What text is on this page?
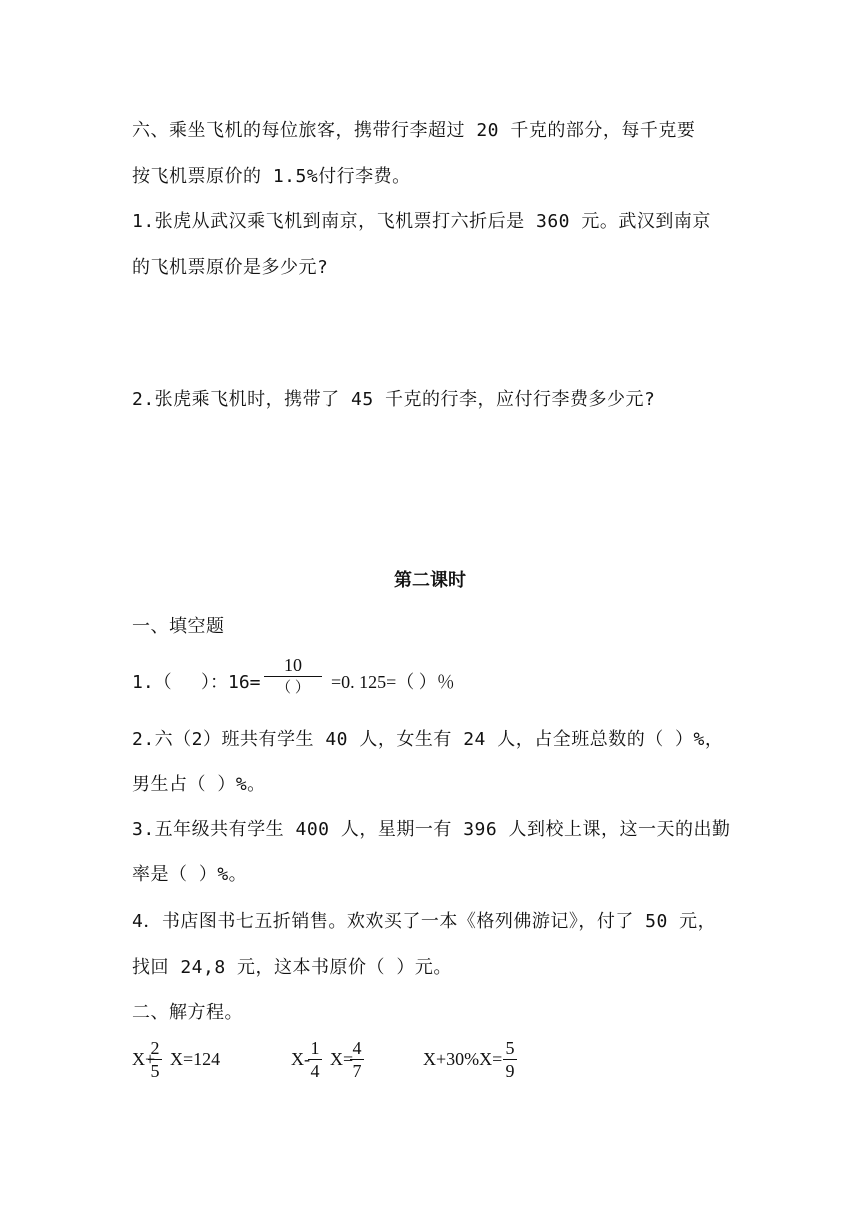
六、乘坐飞机的每位旅客，携带行李超过 20 千克的部分，每千克要
按飞机票原价的 1.5%付行李费。
1.张虎从武汉乘飞机到南京，飞机票打六折后是 360 元。武汉到南京
的飞机票原价是多少元?
2.张虎乘飞机时，携带了 45 千克的行李，应付行李费多少元?
第二课时
一、填空题
1.（ ）：16=
10
（ ）	=0. 125=（ ）％
2.六（2）班共有学生 40 人，女生有 24 人，占全班总数的（ ）%，
男生占（ ）%。
3.五年级共有学生 400 人，星期一有 396 人到校上课，这一天的出勤
率是（ ）%。
4．书店图书七五折销售。欢欢买了一本《格列佛游记》，付了 50 元，
找回 24,8 元，这本书原价（ ）元。
二、解方程。
X+
2
5
X=124	X-
1
4
X=
4
7
X+30%X=
5
9
